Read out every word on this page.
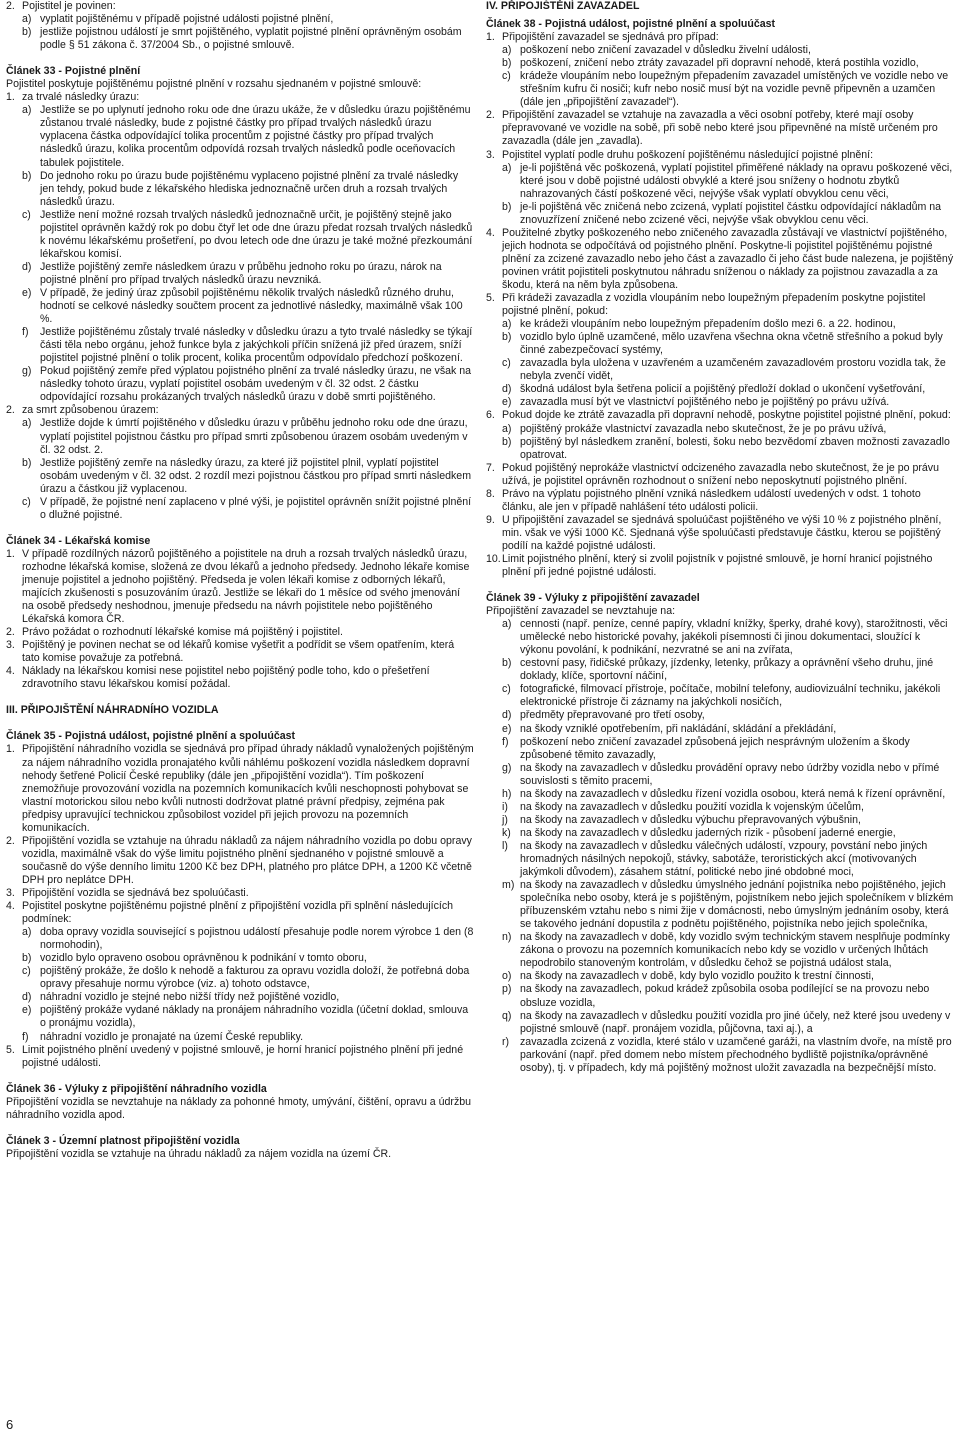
2. Pojistitel je povinen:
a) vyplatit pojištěnému v případě pojistné události pojistné plnění,
b) jestliže pojistnou událostí je smrt pojištěného, vyplatit pojistné plnění oprávněným osobám podle § 51 zákona č. 37/2004 Sb., o pojistné smlouvě.
Článek 33 - Pojistné plnění
Pojistitel poskytuje pojištěnému pojistné plnění v rozsahu sjednaném v pojistné smlouvě:
1. za trvalé následky úrazu:
a) Jestliže se po uplynutí jednoho roku ode dne úrazu ukáže, že v důsledku úrazu pojištěnému zůstanou trvalé následky, bude z pojistné částky pro případ trvalých následků úrazu vyplacena částka odpovídající tolika procentům z pojistné částky pro případ trvalých následků úrazu, kolika procentům odpovídá rozsah trvalých následků podle oceňovacích tabulek pojistitele.
b) Do jednoho roku po úrazu bude pojištěnému vyplaceno pojistné plnění za trvalé následky jen tehdy, pokud bude z lékařského hlediska jednoznačně určen druh a rozsah trvalých následků úrazu.
c) Jestliže není možné rozsah trvalých následků jednoznačně určit, je pojištěný stejně jako pojistitel oprávněn každý rok po dobu čtyř let ode dne úrazu předat rozsah trvalých následků k novému lékařskému prošetření, po dvou letech ode dne úrazu je také možné přezkoumání lékařskou komisí.
d) Jestliže pojištěný zemře následkem úrazu v průběhu jednoho roku po úrazu, nárok na pojistné plnění pro případ trvalých následků úrazu nevzniká.
e) V případě, že jediný úraz způsobil pojištěnému několik trvalých následků různého druhu, hodnotí se celkové následky součtem procent za jednotlivé následky, maximálně však 100 %.
f)	Jestliže pojištěnému zůstaly trvalé následky v důsledku úrazu a tyto trvalé následky se týkají části těla nebo orgánu, jehož funkce byla z jakýchkoli příčin snížená již před úrazem, sníží pojistitel pojistné plnění o tolik procent, kolika procentům odpovídalo předchozí poškození.
g) Pokud pojištěný zemře před výplatou pojistného plnění za trvalé následky úrazu, ne však na následky tohoto úrazu, vyplatí pojistitel osobám uvedeným v čl. 32 odst. 2 částku odpovídající rozsahu prokázaných trvalých následků úrazu v době smrti pojištěného.
2. za smrt způsobenou úrazem:
a) Jestliže dojde k úmrtí pojištěného v důsledku úrazu v průběhu jednoho roku ode dne úrazu, vyplatí pojistitel pojistnou částku pro případ smrti způsobenou úrazem osobám uvedeným v čl. 32 odst. 2.
b) Jestliže pojištěný zemře na následky úrazu, za které již pojistitel plnil, vyplatí pojistitel osobám uvedeným v čl. 32 odst. 2 rozdíl mezi pojistnou částkou pro případ smrti následkem úrazu a částkou již vyplacenou.
c) V případě, že pojistné není zaplaceno v plné výši, je pojistitel oprávněn snížit pojistné plnění o dlužné pojistné.
Článek 34 - Lékařská komise
1. V případě rozdílných názorů pojištěného a pojistitele na druh a rozsah trvalých následků úrazu, rozhodne lékařská komise, složená ze dvou lékařů a jednoho předsedy. Jednoho lékaře komise jmenuje pojistitel a jednoho pojištěný. Předseda je volen lékaři komise z odborných lékařů, majících zkušenosti s posuzováním úrazů. Jestliže se lékaři do 1 měsíce od svého jmenování na osobě předsedy neshodnou, jmenuje předsedu na návrh pojistitele nebo pojištěného Lékařská komora ČR.
2. Právo požádat o rozhodnutí lékařské komise má pojištěný i pojistitel.
3. Pojištěný je povinen nechat se od lékařů komise vyšetřit a podřídit se všem opatřením, která tato komise považuje za potřebná.
4. Náklady na lékařskou komisi nese pojistitel nebo pojištěný podle toho, kdo o přešetření zdravotního stavu lékařskou komisí požádal.
III. PŘIPOJIŠTĚNÍ NÁHRADNÍHO VOZIDLA
Článek 35 - Pojistná událost, pojistné plnění a spoluúčast
1. Připojištění náhradního vozidla se sjednává pro případ úhrady nákladů vynaložených pojištěným za nájem náhradního vozidla pronajatého kvůli náhlému poškození vozidla následkem dopravní nehody šetřené Policií České republiky (dále jen „připojištění vozidla“). Tím poškození znemožňuje provozování vozidla na pozemních komunikacích kvůli neschopnosti pohybovat se vlastní motorickou silou nebo kvůli nutnosti dodržovat platné právní předpisy, zejména pak předpisy upravující technickou způsobilost vozidel při jejich provozu na pozemních komunikacích.
2. Připojištění vozidla se vztahuje na úhradu nákladů za nájem náhradního vozidla po dobu opravy vozidla, maximálně však do výše limitu pojistného plnění sjednaného v pojistné smlouvě a současně do výše denního limitu 1200 Kč bez DPH, platného pro plátce DPH, a 1200 Kč včetně DPH pro neplátce DPH.
3. Připojištění vozidla se sjednává bez spoluúčasti.
4. Pojistitel poskytne pojištěnému pojistné plnění z připojištění vozidla při splnění následujících podmínek:
a) doba opravy vozidla související s pojistnou událostí přesahuje podle norem výrobce 1 den (8 normohodin),
b) vozidlo bylo opraveno osobou oprávněnou k podnikání v tomto oboru,
c) pojištěný prokáže, že došlo k nehodě a fakturou za opravu vozidla doloží, že potřebná doba opravy přesahuje normu výrobce (viz. a) tohoto odstavce,
d) náhradní vozidlo je stejné nebo nižší třídy než pojištěné vozidlo,
e) pojištěný prokáže vydané náklady na pronájem náhradního vozidla (účetní doklad, smlouva o pronájmu vozidla),
f)	náhradní vozidlo je pronajaté na území České republiky.
5. Limit pojistného plnění uvedený v pojistné smlouvě, je horní hranicí pojistného plnění při jedné pojistné události.
Článek 36 - Výluky z připojištění náhradního vozidla
Připojištění vozidla se nevztahuje na náklady za pohonné hmoty, umývání, čištění, opravu a údržbu náhradního vozidla apod.
Článek 3 - Územní platnost připojištění vozidla
Připojištění vozidla se vztahuje na úhradu nákladů za nájem vozidla na území ČR.
IV. PŘIPOJIŠTĚNÍ ZAVAZADEL
Článek 38 - Pojistná událost, pojistné plnění a spoluúčast
1. Připojištění zavazadel se sjednává pro případ:
a) poškození nebo zničení zavazadel v důsledku živelní události,
b) poškození, zničení nebo ztráty zavazadel při dopravní nehodě, která postihla vozidlo,
c) krádeže vloupáním nebo loupežným přepadením zavazadel umístěných ve vozidle nebo ve střešním kufru či nosiči; kufr nebo nosič musí být na vozidle pevně připevněn a uzamčen (dále jen „připojištění zavazadel“).
2. Připojištění zavazadel se vztahuje na zavazadla a věci osobní potřeby, které mají osoby přepravované ve vozidle na sobě, při sobě nebo které jsou připevněné na místě určeném pro zavazadla (dále jen „zavadla).
3. Pojistitel vyplatí podle druhu poškození pojištěnému následující pojistné plnění:
a) je-li pojištěná věc poškozená, vyplatí pojistitel přiměřené náklady na opravu poškozené věci, které jsou v době pojistné události obvyklé a které jsou sníženy o hodnotu zbytků nahrazovaných částí poškozené věci, nejvýše však vyplatí obvyklou cenu věci,
b) je-li pojištěná věc zničená nebo zcizená, vyplatí pojistitel částku odpovídající nákladům na znovuzřízení zničené nebo zcizené věci, nejvýše však obvyklou cenu věci.
4. Použitelné zbytky poškozeného nebo zničeného zavazadla zůstávají ve vlastnictví pojištěného, jejich hodnota se odpočítává od pojistného plnění. Poskytne-li pojistitel pojištěnému pojistné plnění za zcizené zavazadlo nebo jeho část a zavazadlo či jeho část bude nalezena, je pojištěný povinen vrátit pojistiteli poskytnutou náhradu sníženou o náklady za pojistnou zavazadla a za škodu, která na něm byla způsobena.
5. Při krádeži zavazadla z vozidla vloupáním nebo loupežným přepadením poskytne pojistitel pojistné plnění, pokud:
a) ke krádeži vloupáním nebo loupežným přepadením došlo mezi 6. a 22. hodinou,
b) vozidlo bylo úplně uzamčené, mělo uzavřena všechna okna včetně střešního a pokud byly činné zabezpečovací systémy,
c) zavazadla byla uložena v uzavřeném a uzamčeném zavazadlovém prostoru vozidla tak, že nebyla zvenčí vidět,
d) škodná událost byla šetřena policií a pojištěný předloží doklad o ukončení vyšetřování,
e) zavazadla musí být ve vlastnictví pojištěného nebo je pojištěný po právu užívá.
6. Pokud dojde ke ztrátě zavazadla při dopravní nehodě, poskytne pojistitel pojistné plnění, pokud:
a) pojištěný prokáže vlastnictví zavazadla nebo skutečnost, že je po právu užívá,
b) pojištěný byl následkem zranění, bolesti, šoku nebo bezvědomí zbaven možnosti zavazadlo opatrovat.
7. Pokud pojištěný neprokáže vlastnictví odcizeného zavazadla nebo skutečnost, že je po právu užívá, je pojistitel oprávněn rozhodnout o snížení nebo neposkytnutí pojistného plnění.
8. Právo na výplatu pojistného plnění vzniká následkem událostí uvedených v odst. 1 tohoto článku, ale jen v případě nahlášení této události policii.
9. U připojištění zavazadel se sjednává spoluúčast pojištěného ve výši 10 % z pojistného plnění, min. však ve výši 1000 Kč. Sjednaná výše spoluúčasti představuje částku, kterou se pojištěný podílí na každé pojistné události.
10. Limit pojistného plnění, který si zvolil pojistník v pojistné smlouvě, je horní hranicí pojistného plnění při jedné pojistné události.
Článek 39 - Výluky z připojištění zavazadel
Připojištění zavazadel se nevztahuje na:
a) cennosti (např. peníze, cenné papíry, vkladní knížky, šperky, drahé kovy), starožitnosti, věci umělecké nebo historické povahy, jakékoli písemnosti či jinou dokumentaci, sloužící k výkonu povolání, k podnikání, nezvratné se ani na zvířata,
b) cestovní pasy, řidičské průkazy, jízdenky, letenky, průkazy a oprávnění všeho druhu, jiné doklady, klíče, sportovní náčiní,
c) fotografické, filmovací přístroje, počítače, mobilní telefony, audiovizuální techniku, jakékoli elektronické přístroje či záznamy na jakýchkoli nosičích,
d) předměty přepravované pro třetí osoby,
e) na škody vzniklé opotřebením, při nakládání, skládání a překládání,
f)	poškození nebo zničení zavazadel způsobená jejich nesprávným uložením a škody způsobené těmito zavazadly,
g) na škody na zavazadlech v důsledku provádění opravy nebo údržby vozidla nebo v přímé souvislosti s těmito pracemi,
h) na škody na zavazadlech v důsledku řízení vozidla osobou, která nemá k řízení oprávnění,
i)	na škody na zavazadlech v důsledku použití vozidla k vojenským účelům,
j)	na škody na zavazadlech v důsledku výbuchu přepravovaných výbušnin,
k) na škody na zavazadlech v důsledku jaderných rizik - působení jaderné energie,
l)	na škody na zavazadlech v důsledku válečných událostí, vzpoury, povstání nebo jiných hromadných násilných nepokojů, stávky, sabotáže, teroristických akcí (motivovaných jakýmkoli důvodem), zásahem státní, politické nebo jiné obdobné moci,
m) na škody na zavazadlech v důsledku úmyslného jednání pojistníka nebo pojištěného, jejich společníka nebo osoby, která je s pojištěným, pojistníkem nebo jejich společníkem v blízkém příbuzenském vztahu nebo s nimi žije v domácnosti, nebo úmyslným jednáním osoby, která se takového jednání dopustila z podnětu pojištěného, pojistníka nebo jejich společníka,
n) na škody na zavazadlech v době, kdy vozidlo svým technickým stavem nesplňuje podmínky zákona o provozu na pozemních komunikacích nebo kdy se vozidlo v určených lhůtách nepodrobilo stanoveným kontrolám, v důsledku čehož se pojistná událost stala,
o) na škody na zavazadlech v době, kdy bylo vozidlo použito k trestní činnosti,
p) na škody na zavazadlech, pokud krádež způsobila osoba podílející se na provozu nebo obsluze vozidla,
q) na škody na zavazadlech v důsledku použití vozidla pro jiné účely, než které jsou uvedeny v pojistné smlouvě (např. pronájem vozidla, půjčovna, taxi aj.), a
r)	zavazadla zcizená z vozidla, které stálo v uzamčené garáži, na vlastním dvoře, na místě pro parkování (např. před domem nebo místem přechodného bydliště pojistníka/oprávněné osoby), tj. v případech, kdy má pojištěný možnost uložit zavazadla na bezpečnější místo.
6
